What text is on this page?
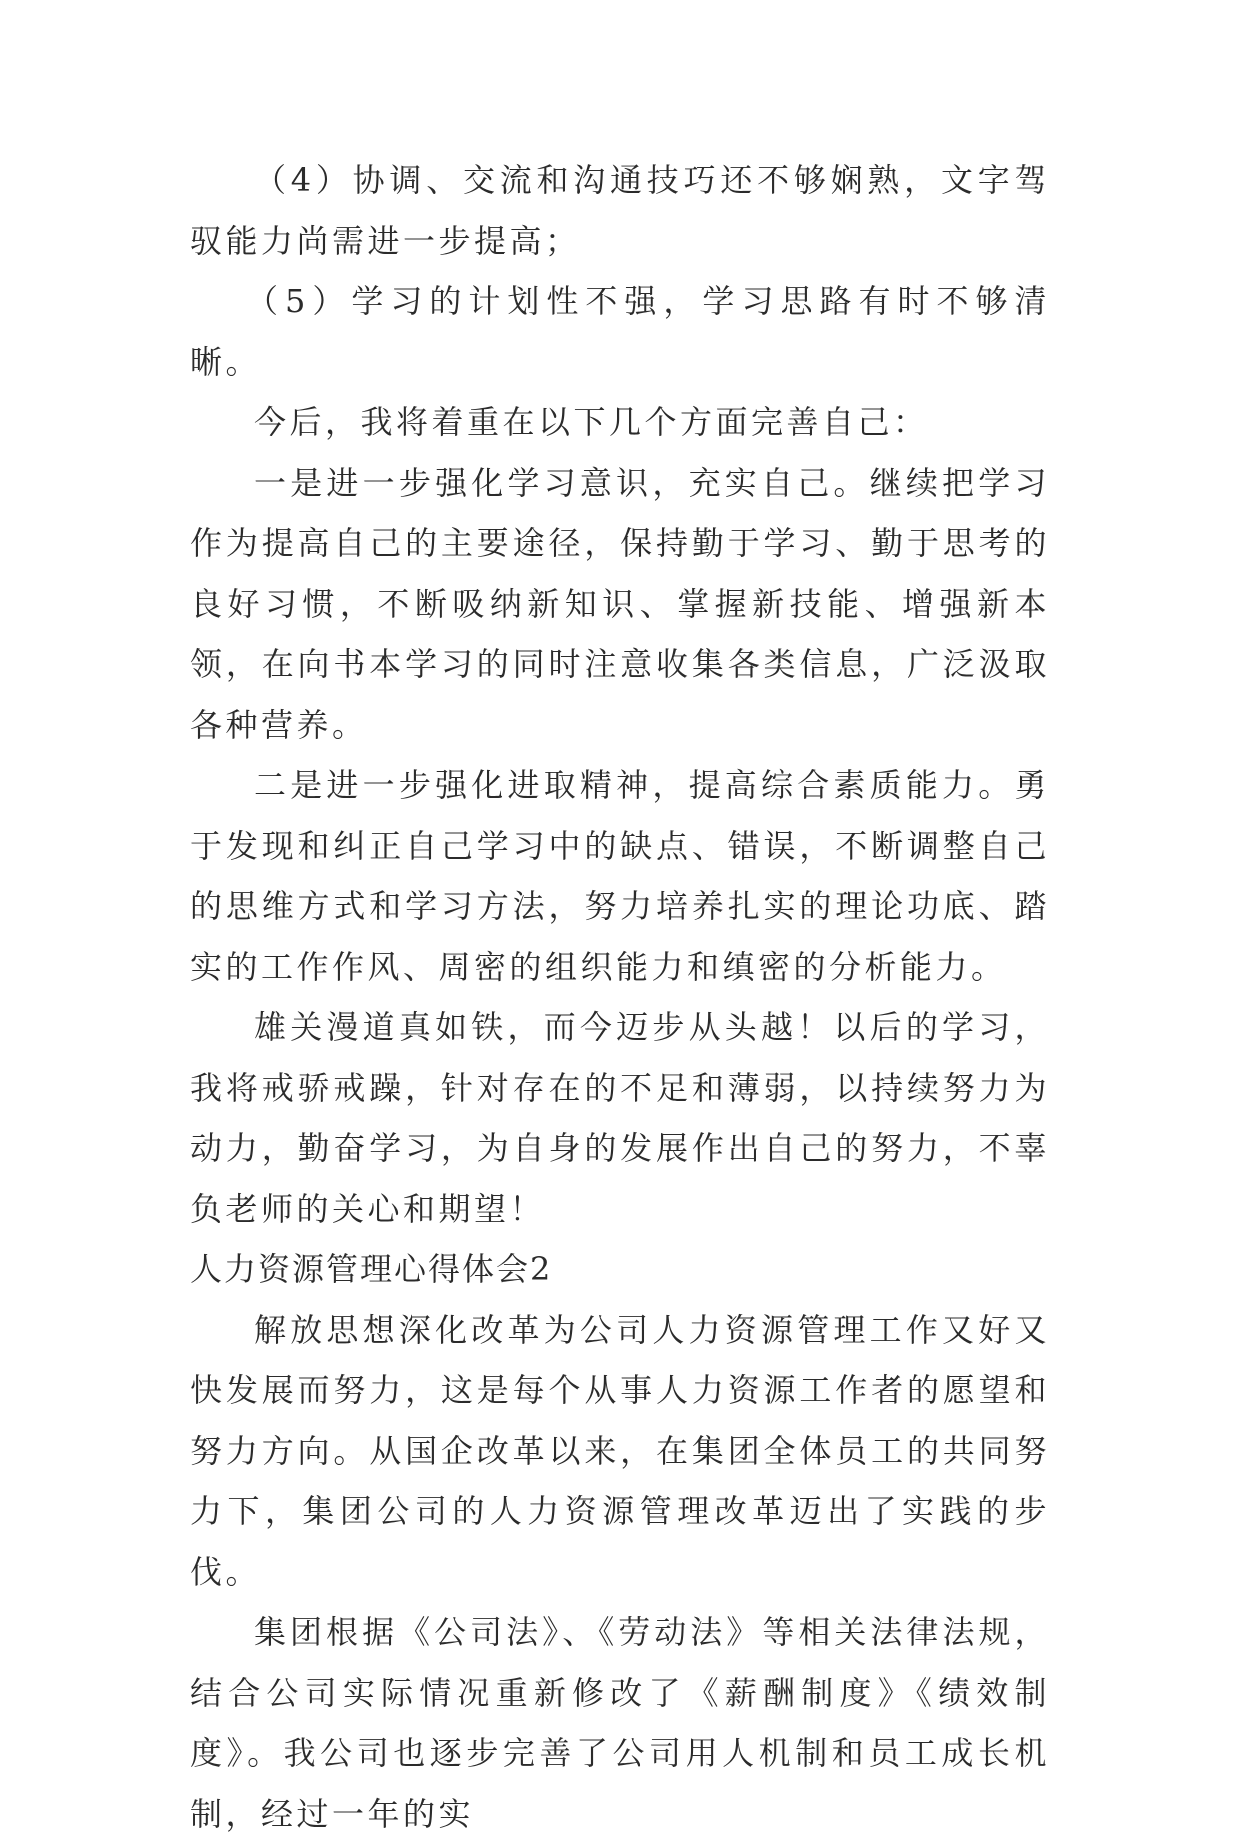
（4）协调、交流和沟通技巧还不够娴熟，文字驾驭能力尚需进一步提高；

（5）学习的计划性不强，学习思路有时不够清晰。

今后，我将着重在以下几个方面完善自己：

一是进一步强化学习意识，充实自己。继续把学习作为提高自己的主要途径，保持勤于学习、勤于思考的良好习惯，不断吸纳新知识、掌握新技能、增强新本领，在向书本学习的同时注意收集各类信息，广泛汲取各种营养。

二是进一步强化进取精神，提高综合素质能力。勇于发现和纠正自己学习中的缺点、错误，不断调整自己的思维方式和学习方法，努力培养扎实的理论功底、踏实的工作作风、周密的组织能力和缜密的分析能力。

雄关漫道真如铁，而今迈步从头越！以后的学习，我将戒骄戒躁，针对存在的不足和薄弱，以持续努力为动力，勤奋学习，为自身的发展作出自己的努力，不辜负老师的关心和期望！

人力资源管理心得体会2

解放思想深化改革为公司人力资源管理工作又好又快发展而努力，这是每个从事人力资源工作者的愿望和努力方向。从国企改革以来，在集团全体员工的共同努力下，集团公司的人力资源管理改革迈出了实践的步伐。

集团根据《公司法》、《劳动法》等相关法律法规，结合公司实际情况重新修改了《薪酬制度》《绩效制度》。我公司也逐步完善了公司用人机制和员工成长机制，经过一年的实
